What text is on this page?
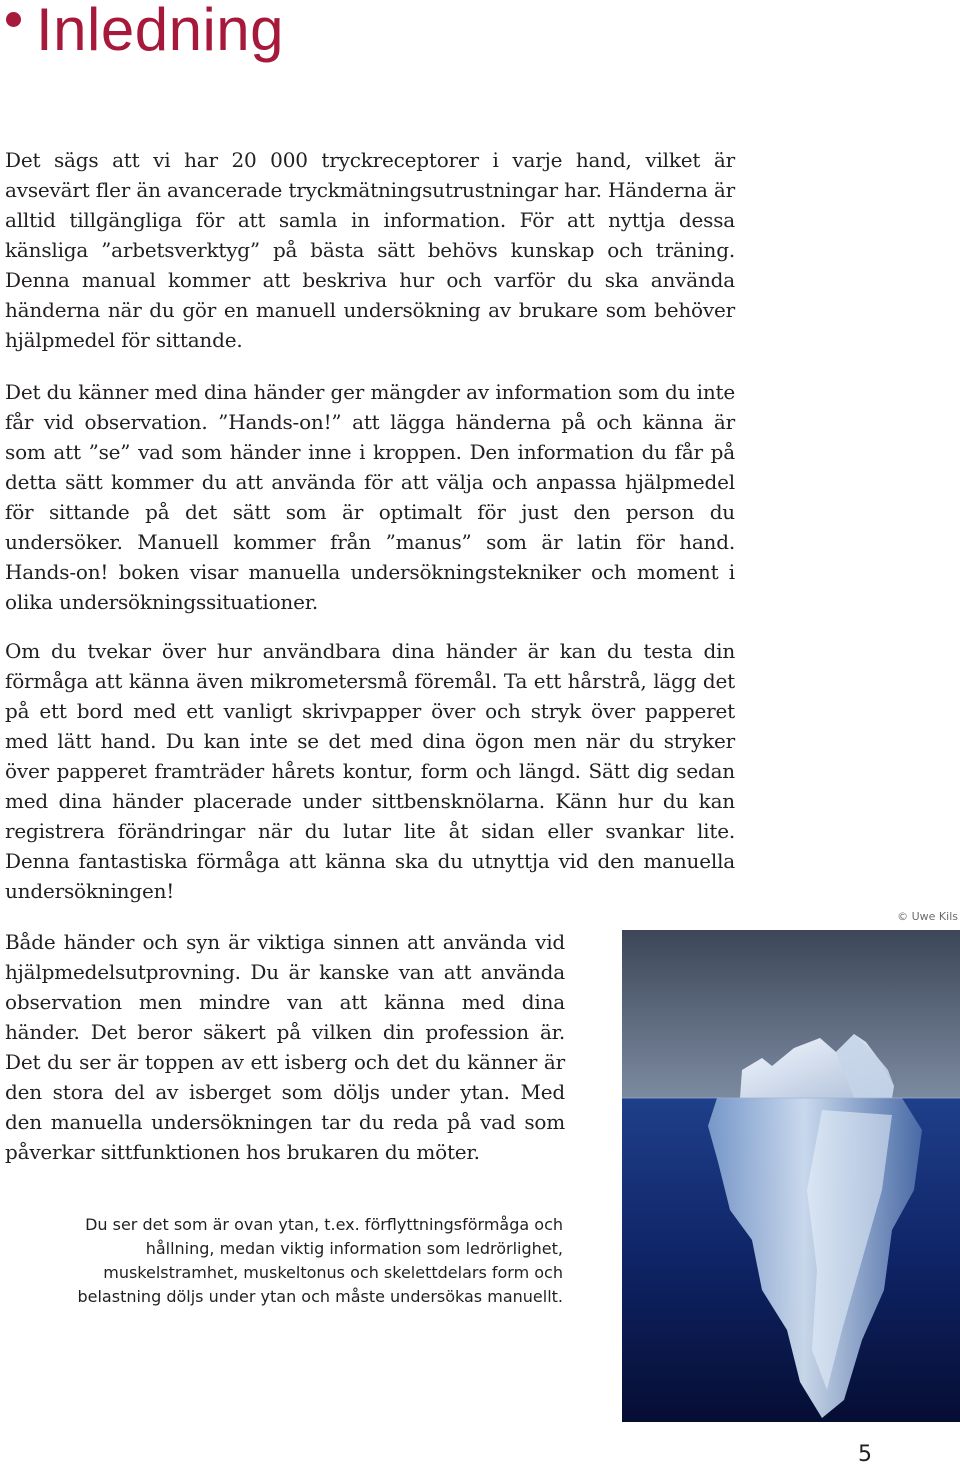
Inledning

Det sägs att vi har 20 000 tryckreceptorer i varje hand, vilket är avsevärt fler än avancerade tryckmätningsutrustningar har. Händerna är alltid tillgängliga för att samla in information. För att nyttja dessa känsliga ”arbetsverktyg” på bästa sätt behövs kunskap och träning. Denna manual kommer att beskriva hur och varför du ska använda händerna när du gör en manuell undersökning av brukare som behöver hjälpmedel för sittande.

Det du känner med dina händer ger mängder av information som du inte får vid observation. ”Hands-on!” att lägga händerna på och känna är som att ”se” vad som händer inne i kroppen. Den information du får på detta sätt kommer du att använda för att välja och anpassa hjälpmedel för sittande på det sätt som är optimalt för just den person du undersöker. Manuell kommer från ”manus” som är latin för hand. Hands-on! boken visar manuella undersökningstekniker och moment i olika undersökningssituationer.

Om du tvekar över hur användbara dina händer är kan du testa din förmåga att känna även mikrometersmå föremål. Ta ett hårstrå, lägg det på ett bord med ett vanligt skrivpapper över och stryk över papperet med lätt hand. Du kan inte se det med dina ögon men när du stryker över papperet framträder hårets kontur, form och längd. Sätt dig sedan med dina händer placerade under sittbensknölarna. Känn hur du kan registrera förändringar när du lutar lite åt sidan eller svankar lite. Denna fantastiska förmåga att känna ska du utnyttja vid den manuella undersökningen!

Både händer och syn är viktiga sinnen att använda vid hjälpmedelsutprovning. Du är kanske van att använda observation men mindre van att känna med dina händer. Det beror säkert på vilken din profession är. Det du ser är toppen av ett isberg och det du känner är den stora del av isberget som döljs under ytan. Med den manuella undersökningen tar du reda på vad som påverkar sittfunktionen hos brukaren du möter.

© Uwe Kils

Du ser det som är ovan ytan, t.ex. förflyttningsförmåga och hållning, medan viktig information som ledrörlighet, muskelstramhet, muskeltonus och skelettdelars form och belastning döljs under ytan och måste undersökas manuellt.

5
